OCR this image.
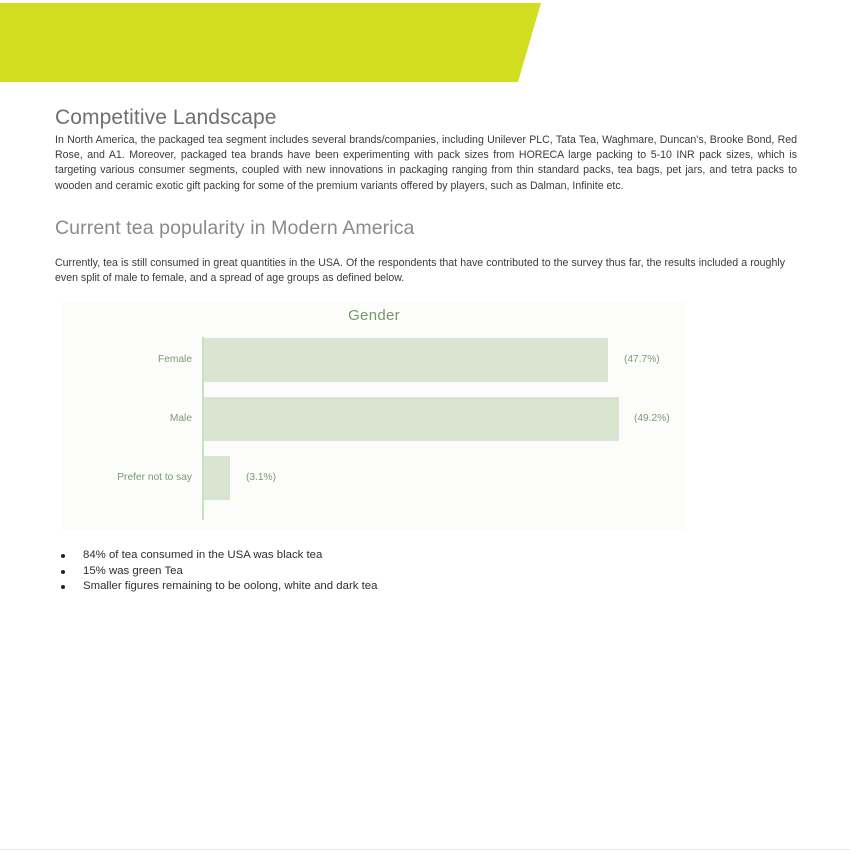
Competitive Landscape

In North America, the packaged tea segment includes several brands/companies, including Unilever PLC, Tata Tea, Waghmare, Duncan's, Brooke Bond, Red Rose, and A1. Moreover, packaged tea brands have been experimenting with pack sizes from HORECA large packing to 5-10 INR pack sizes, which is targeting various consumer segments, coupled with new innovations in packaging ranging from thin standard packs, tea bags, pet jars, and tetra packs to wooden and ceramic exotic gift packing for some of the premium variants offered by players, such as Dalman, Infinite etc.

Current tea popularity in Modern America

Currently, tea is still consumed in great quantities in the USA. Of the respondents that have contributed to the survey thus far, the results included a roughly even split of male to female, and a spread of age groups as defined below.

Gender
Female	(47.7%)
Male	(49.2%)
Prefer not to say	(3.1%)
84% of tea consumed in the USA was black tea
15% was green Tea
Smaller figures remaining to be oolong, white and dark tea
